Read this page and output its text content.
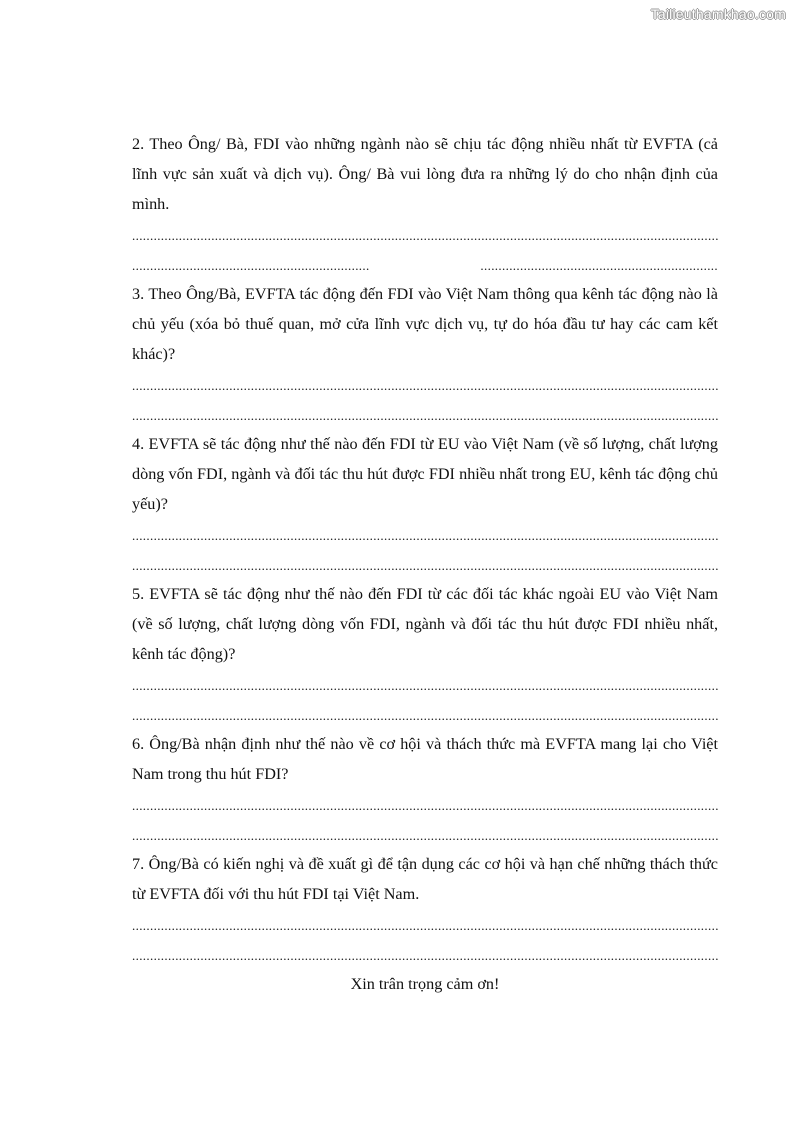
Tailieuthamkhao.com

2. Theo Ông/ Bà, FDI vào những ngành nào sẽ chịu tác động nhiều nhất từ EVFTA (cả lĩnh vực sản xuất và dịch vụ). Ông/ Bà vui lòng đưa ra những lý do cho nhận định của mình.

.....
..... .....

3. Theo Ông/Bà, EVFTA tác động đến FDI vào Việt Nam thông qua kênh tác động nào là chủ yếu (xóa bỏ thuế quan, mở cửa lĩnh vực dịch vụ, tự do hóa đầu tư hay các cam kết khác)?

.....
.....

4. EVFTA sẽ tác động như thế nào đến FDI từ EU vào Việt Nam (về số lượng, chất lượng dòng vốn FDI, ngành và đối tác thu hút được FDI nhiều nhất trong EU, kênh tác động chủ yếu)?

.....
.....

5. EVFTA sẽ tác động như thế nào đến FDI từ các đối tác khác ngoài EU vào Việt Nam (về số lượng, chất lượng dòng vốn FDI, ngành và đối tác thu hút được FDI nhiều nhất, kênh tác động)?

.....
.....

6. Ông/Bà nhận định như thế nào về cơ hội và thách thức mà EVFTA mang lại cho Việt Nam trong thu hút FDI?

.....
.....

7. Ông/Bà có kiến nghị và đề xuất gì để tận dụng các cơ hội và hạn chế những thách thức từ EVFTA đối với thu hút FDI tại Việt Nam.

.....
.....

Xin trân trọng cảm ơn!
